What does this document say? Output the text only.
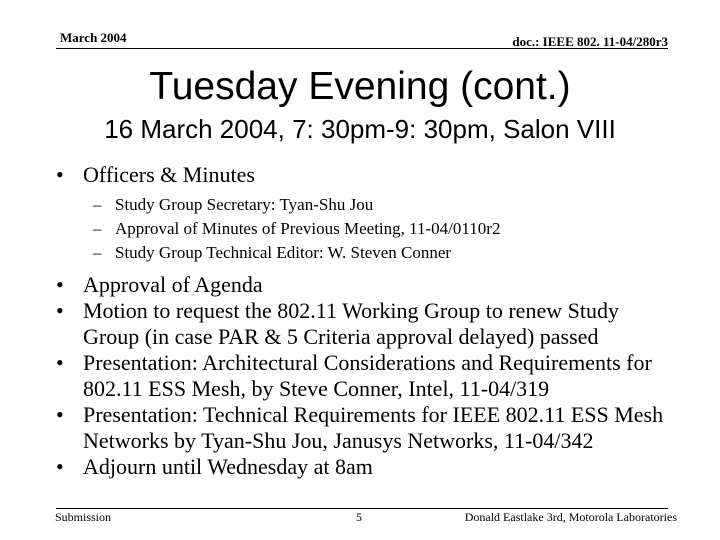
March 2004	doc.: IEEE 802. 11-04/280r3
Tuesday Evening (cont.)
16 March 2004, 7: 30pm-9: 30pm, Salon VIII
• Officers & Minutes
– Study Group Secretary: Tyan-Shu Jou
– Approval of Minutes of Previous Meeting, 11-04/0110r2
– Study Group Technical Editor: W. Steven Conner
• Approval of Agenda
• Motion to request the 802.11 Working Group to renew Study Group (in case PAR & 5 Criteria approval delayed) passed
• Presentation: Architectural Considerations and Requirements for 802.11 ESS Mesh, by Steve Conner, Intel, 11-04/319
• Presentation: Technical Requirements for IEEE 802.11 ESS Mesh Networks by Tyan-Shu Jou, Janusys Networks, 11-04/342
• Adjourn until Wednesday at 8am
Submission	5	Donald Eastlake 3rd, Motorola Laboratories
